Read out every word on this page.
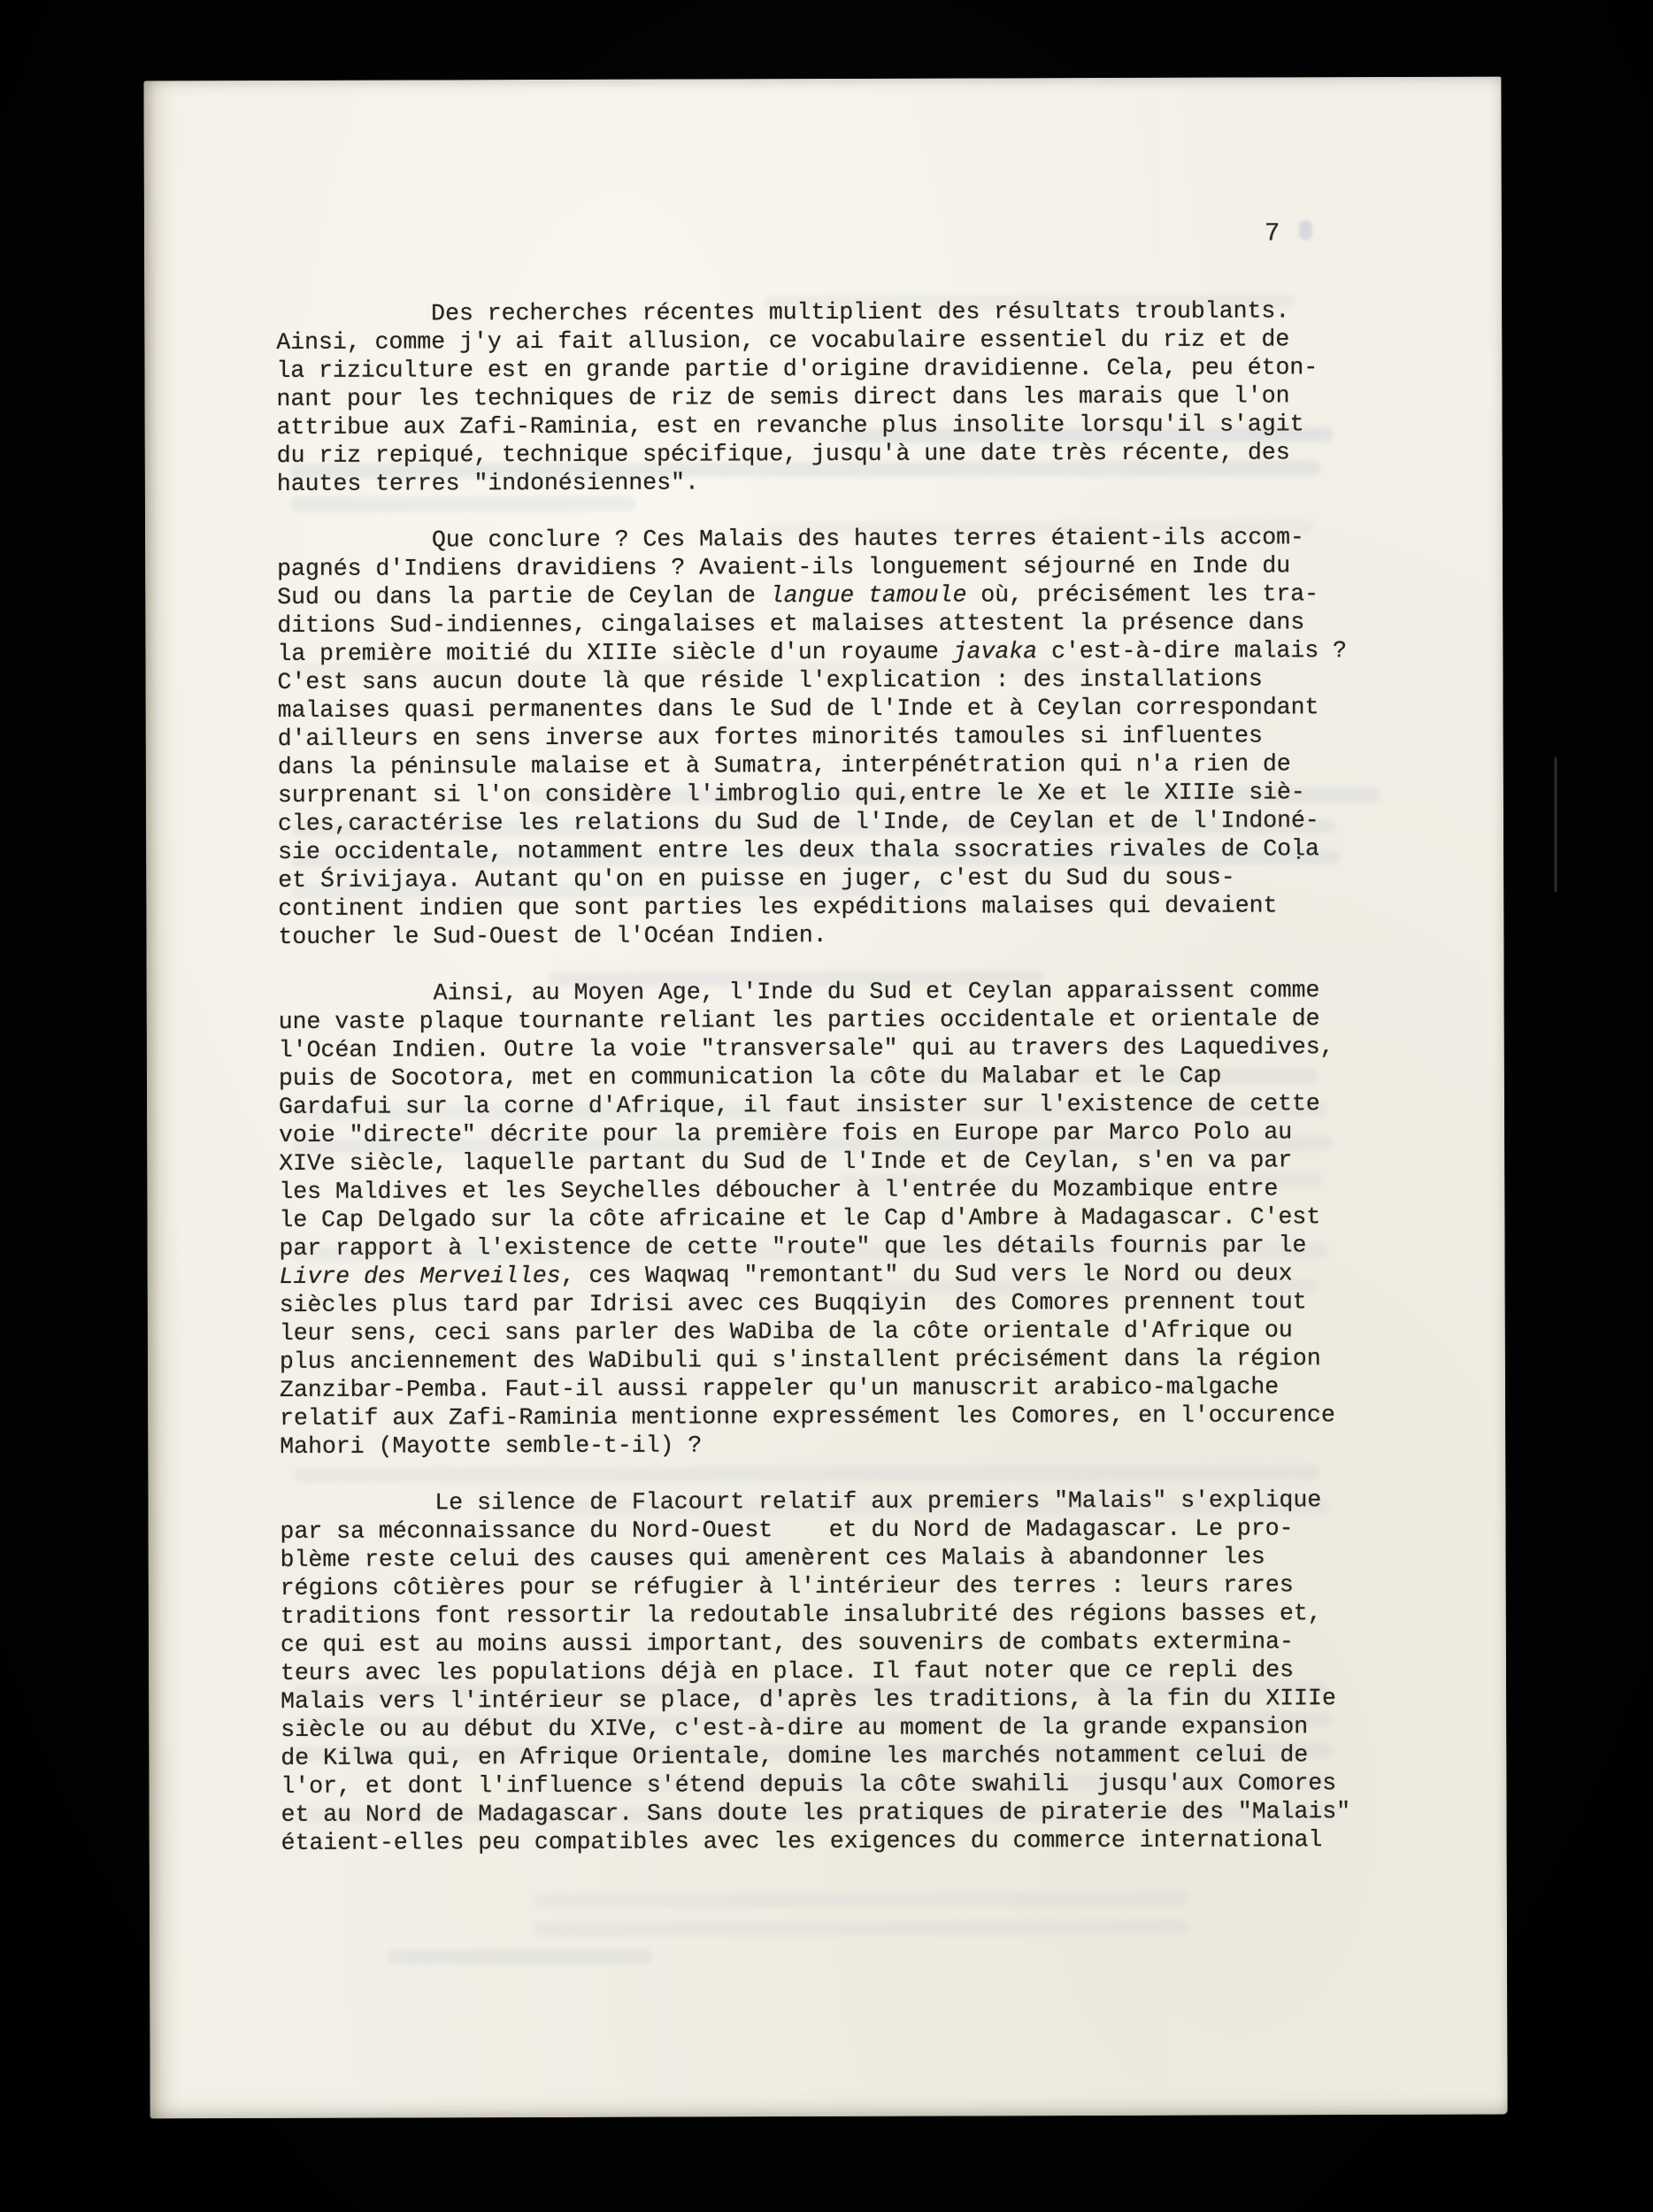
7
Des recherches récentes multiplient des résultats troublants.
Ainsi, comme j'y ai fait allusion, ce vocabulaire essentiel du riz et de
la riziculture est en grande partie d'origine dravidienne. Cela, peu éton-
nant pour les techniques de riz de semis direct dans les marais que l'on
attribue aux Zafi-Raminia, est en revanche plus insolite lorsqu'il s'agit
du riz repiqué, technique spécifique, jusqu'à une date très récente, des
hautes terres "indonésiennes".
Que conclure ? Ces Malais des hautes terres étaient-ils accom-
pagnés d'Indiens dravidiens ? Avaient-ils longuement séjourné en Inde du
Sud ou dans la partie de Ceylan de langue tamoule où, précisément les tra-
ditions Sud-indiennes, cingalaises et malaises attestent la présence dans
la première moitié du XIIIe siècle d'un royaume javaka c'est-à-dire malais ?
C'est sans aucun doute là que réside l'explication : des installations
malaises quasi permanentes dans le Sud de l'Inde et à Ceylan correspondant
d'ailleurs en sens inverse aux fortes minorités tamoules si influentes
dans la péninsule malaise et à Sumatra, interpénétration qui n'a rien de
surprenant si l'on considère l'imbroglio qui,entre le Xe et le XIIIe siè-
cles,caractérise les relations du Sud de l'Inde, de Ceylan et de l'Indoné-
sie occidentale, notamment entre les deux thala ssocraties rivales de Coḷa
et Śrivijaya. Autant qu'on en puisse en juger, c'est du Sud du sous-
continent indien que sont parties les expéditions malaises qui devaient
toucher le Sud-Ouest de l'Océan Indien.
Ainsi, au Moyen Age, l'Inde du Sud et Ceylan apparaissent comme
une vaste plaque tournante reliant les parties occidentale et orientale de
l'Océan Indien. Outre la voie "transversale" qui au travers des Laquedives,
puis de Socotora, met en communication la côte du Malabar et le Cap
Gardafui sur la corne d'Afrique, il faut insister sur l'existence de cette
voie "directe" décrite pour la première fois en Europe par Marco Polo au
XIVe siècle, laquelle partant du Sud de l'Inde et de Ceylan, s'en va par
les Maldives et les Seychelles déboucher à l'entrée du Mozambique entre
le Cap Delgado sur la côte africaine et le Cap d'Ambre à Madagascar. C'est
par rapport à l'existence de cette "route" que les détails fournis par le
Livre des Merveilles, ces Waqwaq "remontant" du Sud vers le Nord ou deux
siècles plus tard par Idrisi avec ces Buqqiyin  des Comores prennent tout
leur sens, ceci sans parler des WaDiba de la côte orientale d'Afrique ou
plus anciennement des WaDibuli qui s'installent précisément dans la région
Zanzibar-Pemba. Faut-il aussi rappeler qu'un manuscrit arabico-malgache
relatif aux Zafi-Raminia mentionne expressément les Comores, en l'occurence
Mahori (Mayotte semble-t-il) ?
Le silence de Flacourt relatif aux premiers "Malais" s'explique
par sa méconnaissance du Nord-Ouest    et du Nord de Madagascar. Le pro-
blème reste celui des causes qui amenèrent ces Malais à abandonner les
régions côtières pour se réfugier à l'intérieur des terres : leurs rares
traditions font ressortir la redoutable insalubrité des régions basses et,
ce qui est au moins aussi important, des souvenirs de combats extermina-
teurs avec les populations déjà en place. Il faut noter que ce repli des
Malais vers l'intérieur se place, d'après les traditions, à la fin du XIIIe
siècle ou au début du XIVe, c'est-à-dire au moment de la grande expansion
de Kilwa qui, en Afrique Orientale, domine les marchés notamment celui de
l'or, et dont l'influence s'étend depuis la côte swahili  jusqu'aux Comores
et au Nord de Madagascar. Sans doute les pratiques de piraterie des "Malais"
étaient-elles peu compatibles avec les exigences du commerce international
